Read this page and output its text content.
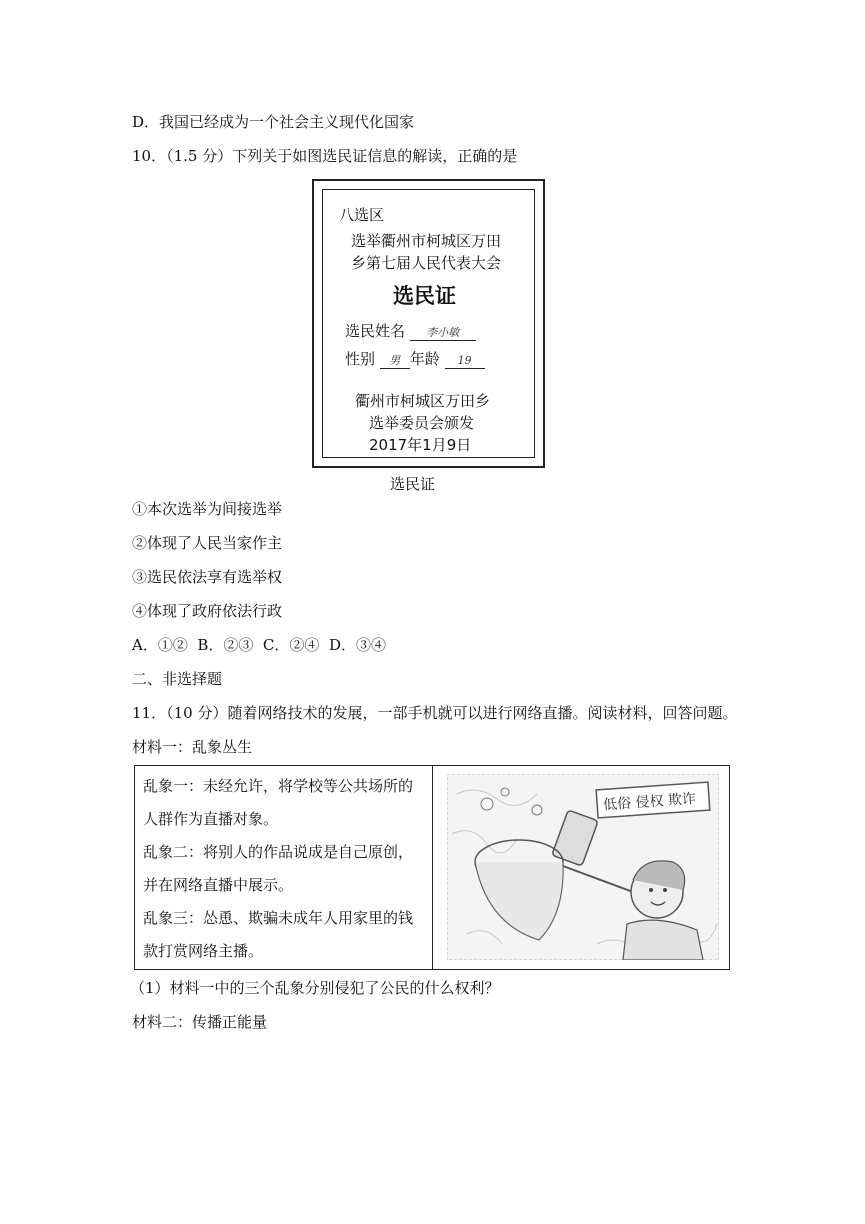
D．我国已经成为一个社会主义现代化国家
10．（1.5 分）下列关于如图选民证信息的解读，正确的是
八选区
选举衢州市柯城区万田
乡第七届人民代表大会
选民证
选民姓名 李小敏
性别 男 年龄 19
衢州市柯城区万田乡
选举委员会颁发
2017年1月9日
选民证
①本次选举为间接选举
②体现了人民当家作主
③选民依法享有选举权
④体现了政府依法行政
A．①②  B．②③  C．②④  D．③④
二、非选择题
11．（10 分）随着网络技术的发展，一部手机就可以进行网络直播。阅读材料，回答问题。
材料一：乱象丛生
乱象一：未经允许，将学校等公共场所的
人群作为直播对象。
乱象二：将别人的作品说成是自己原创，
并在网络直播中展示。
乱象三：怂恿、欺骗未成年人用家里的钱
款打赏网络主播。
低俗 侵权 欺诈
（1）材料一中的三个乱象分别侵犯了公民的什么权利？
材料二：传播正能量
